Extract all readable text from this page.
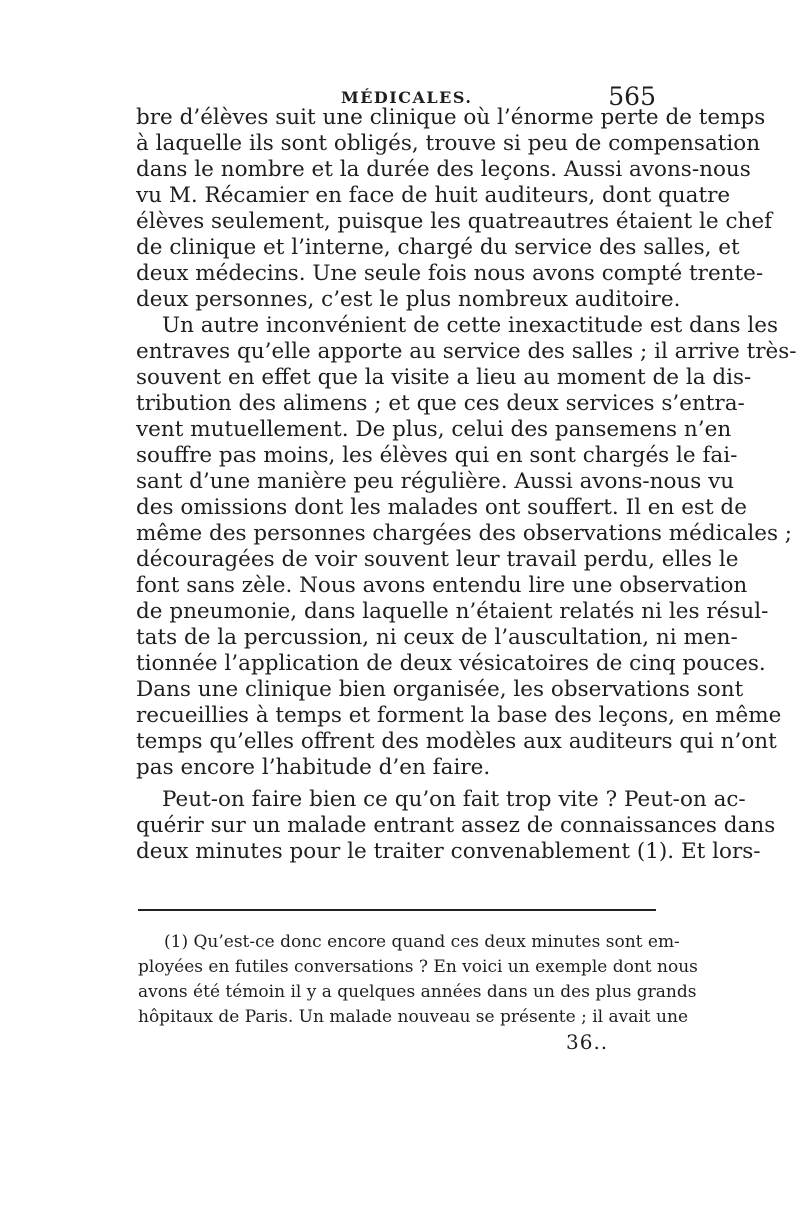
MÉDICALES.	565
bre d’élèves suit une clinique où l’énorme perte de temps
à laquelle ils sont obligés, trouve si peu de compensation
dans le nombre et la durée des leçons. Aussi avons-nous
vu M. Récamier en face de huit auditeurs, dont quatre
élèves seulement, puisque les quatreautres étaient le chef
de clinique et l’interne, chargé du service des salles, et
deux médecins. Une seule fois nous avons compté trente-
deux personnes, c’est le plus nombreux auditoire.
Un autre inconvénient de cette inexactitude est dans les
entraves qu’elle apporte au service des salles ; il arrive très-
souvent en effet que la visite a lieu au moment de la dis-
tribution des alimens ; et que ces deux services s’entra-
vent mutuellement. De plus, celui des pansemens n’en
souffre pas moins, les élèves qui en sont chargés le fai-
sant d’une manière peu régulière. Aussi avons-nous vu
des omissions dont les malades ont souffert. Il en est de
même des personnes chargées des observations médicales ;
découragées de voir souvent leur travail perdu, elles le
font sans zèle. Nous avons entendu lire une observation
de pneumonie, dans laquelle n’étaient relatés ni les résul-
tats de la percussion, ni ceux de l’auscultation, ni men-
tionnée l’application de deux vésicatoires de cinq pouces.
Dans une clinique bien organisée, les observations sont
recueillies à temps et forment la base des leçons, en même
temps qu’elles offrent des modèles aux auditeurs qui n’ont
pas encore l’habitude d’en faire.
Peut-on faire bien ce qu’on fait trop vite ? Peut-on ac-
quérir sur un malade entrant assez de connaissances dans
deux minutes pour le traiter convenablement (1). Et lors-
(1) Qu’est-ce donc encore quand ces deux minutes sont em-
ployées en futiles conversations ? En voici un exemple dont nous
avons été témoin il y a quelques années dans un des plus grands
hôpitaux de Paris. Un malade nouveau se présente ; il avait une
36..
